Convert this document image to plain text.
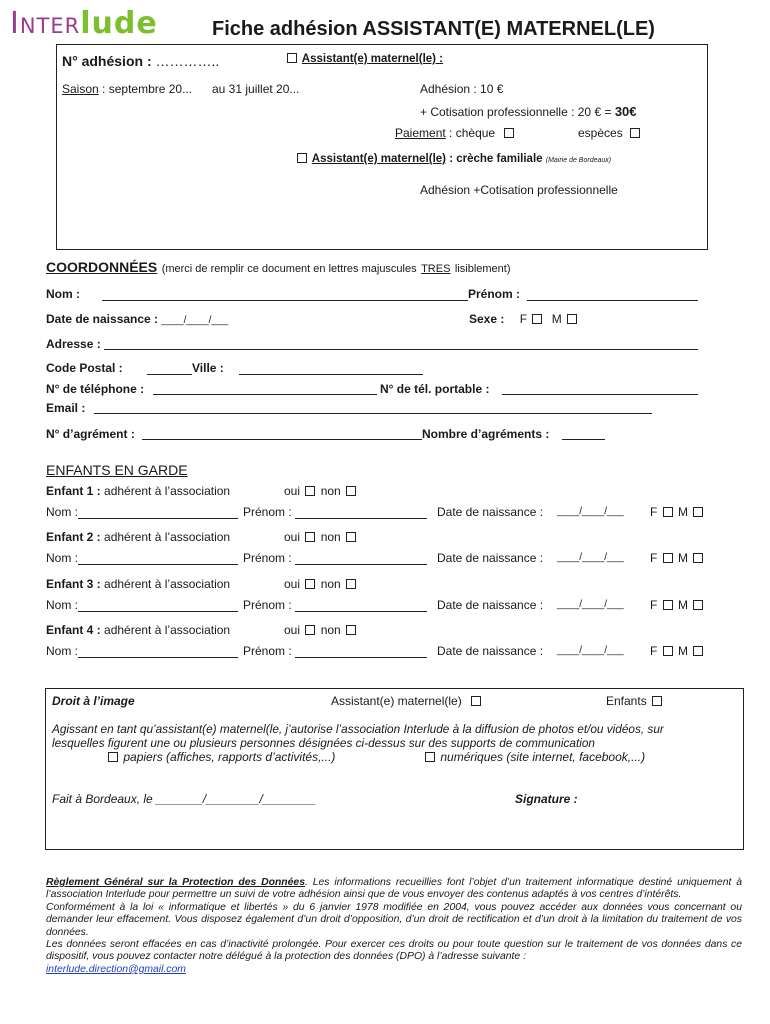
Interlude	Fiche adhésion ASSISTANT(E) MATERNEL(LE)
N° adhésion : …………..	Assistant(e) maternel(le) :
Saison : septembre 20... au 31 juillet 20...	Adhésion : 10 €
+ Cotisation professionnelle : 20 € = 30€
Paiement : chèque	espèces
Assistant(e) maternel(le) : crèche familiale (Mairie de Bordeaux)
Adhésion +Cotisation professionnelle
COORDONNÉES (merci de remplir ce document en lettres majuscules TRES lisiblement)
Nom :	Prénom :
Date de naissance : ____/____/___	Sexe : F M
Adresse :
Code Postal :	Ville :
N° de téléphone :	N° de tél. portable :
Email :
N° d’agrément :	Nombre d’agréments :
ENFANTS EN GARDE
Enfant 1 : adhérent à l’association	oui non
Nom :	Prénom :	Date de naissance : ____/____/___ F M
Enfant 2 : adhérent à l’association	oui non
Nom :	Prénom :	Date de naissance : ____/____/___ F M
Enfant 3 : adhérent à l’association	oui non
Nom :	Prénom :	Date de naissance : ____/____/___ F M
Enfant 4 : adhérent à l’association	oui non
Nom :	Prénom :	Date de naissance : ____/____/___ F M
Droit à l’image	Assistant(e) maternel(le)	Enfants
Agissant en tant qu’assistant(e) maternel(le, j’autorise l’association Interlude à la diffusion de photos et/ou vidéos, sur
lesquelles figurent une ou plusieurs personnes désignées ci-dessus sur des supports de communication
papiers (affiches, rapports d’activités,...)	numériques (site internet, facebook,...)
Fait à Bordeaux, le _______/________/________	Signature :

Règlement Général sur la Protection des Données. Les informations recueillies font l’objet d’un traitement informatique destiné uniquement à l’association Interlude pour permettre un suivi de votre adhésion ainsi que de vous envoyer des contenus adaptés à vos centres d’intérêts.

Conformément à la loi « informatique et libertés » du 6 janvier 1978 modifiée en 2004, vous pouvez accéder aux données vous concernant ou demander leur effacement. Vous disposez également d’un droit d’opposition, d’un droit de rectification et d’un droit à la limitation du traitement de vos données.

Les données seront effacées en cas d’inactivité prolongée. Pour exercer ces droits ou pour toute question sur le traitement de vos données dans ce dispositif, vous pouvez contacter notre délégué à la protection des données (DPO) à l’adresse suivante :

interlude.direction@gmail.com
